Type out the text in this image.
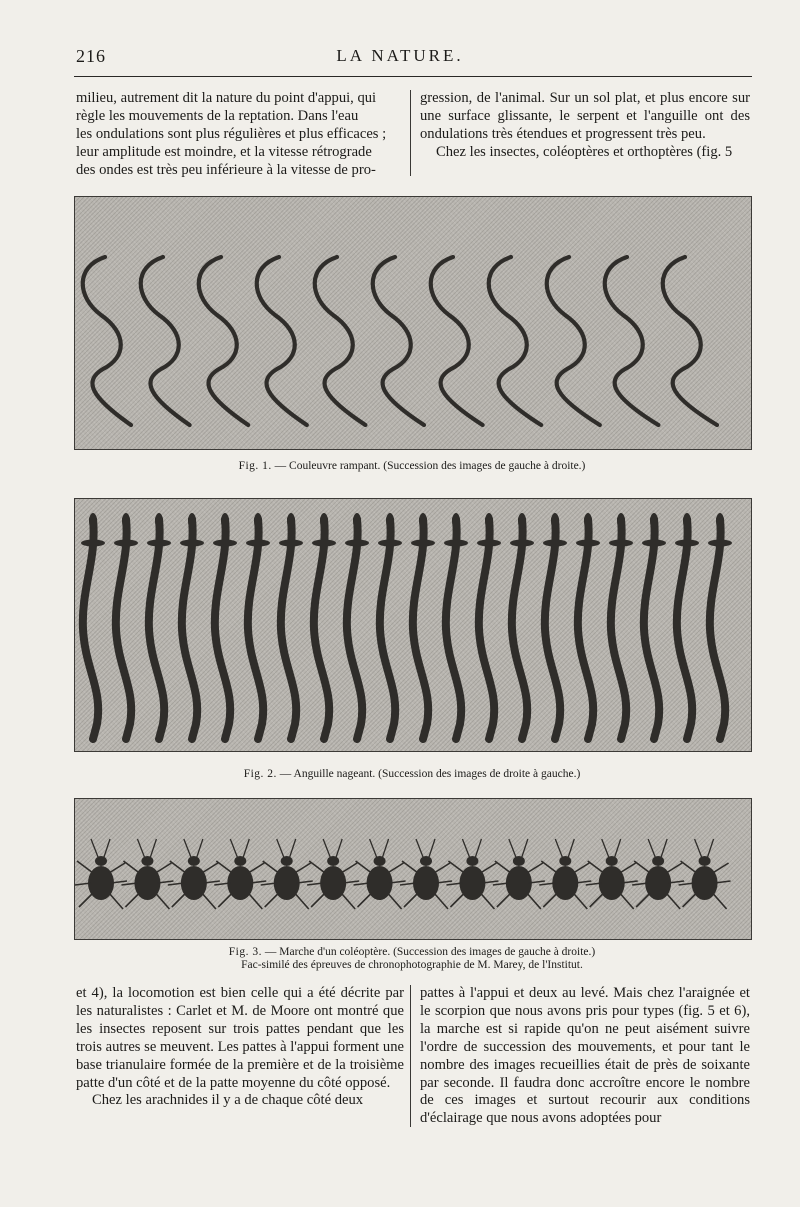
216	LA NATURE.

milieu, autrement dit la nature du point d'appui, qui

règle les mouvements de la reptation. Dans l'eau

les ondulations sont plus régulières et plus efficaces ;

leur amplitude est moindre, et la vitesse rétrograde

des ondes est très peu inférieure à la vitesse de pro-

gression, de l'animal. Sur un sol plat, et plus encore sur une surface glissante, le serpent et l'anguille ont des ondulations très étendues et progressent très peu.

Chez les insectes, coléoptères et orthoptères (fig. 5

Fig. 1. — Couleuvre rampant. (Succession des images de gauche à droite.)
Fig. 2. — Anguille nageant. (Succession des images de droite à gauche.)
Fig. 3. — Marche d'un coléoptère. (Succession des images de gauche à droite.)
Fac-similé des épreuves de chronophotographie de M. Marey, de l'Institut.

et 4), la locomotion est bien celle qui a été décrite par les naturalistes : Carlet et M. de Moore ont montré que les insectes reposent sur trois pattes pendant que les trois autres se meuvent. Les pattes à l'appui forment une base trianulaire formée de la première et de la troisième patte d'un côté et de la patte moyenne du côté opposé.

Chez les arachnides il y a de chaque côté deux

pattes à l'appui et deux au levé. Mais chez l'araignée et le scorpion que nous avons pris pour types (fig. 5 et 6), la marche est si rapide qu'on ne peut aisément suivre l'ordre de succession des mouvements, et pour tant le nombre des images recueillies était de près de soixante par seconde. Il faudra donc accroître encore le nombre de ces images et surtout recourir aux conditions d'éclairage que nous avons adoptées pour
